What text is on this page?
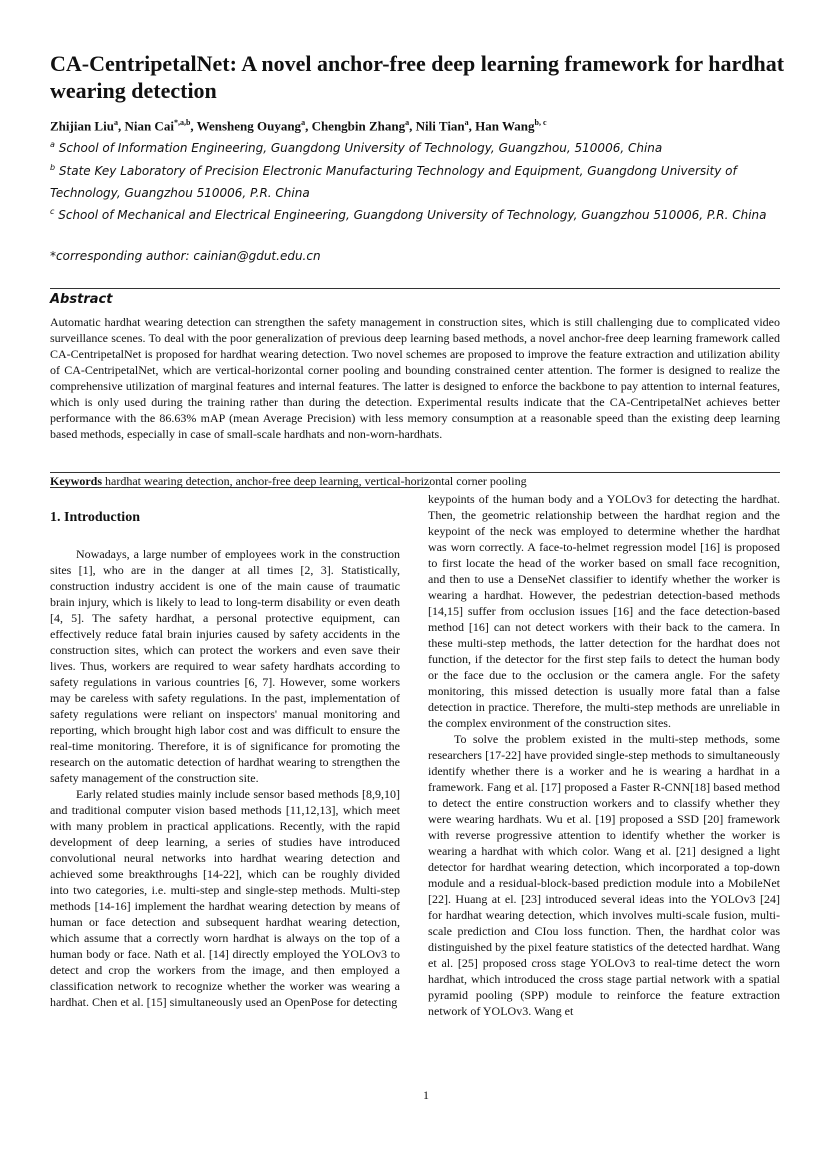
CA-CentripetalNet: A novel anchor-free deep learning framework for hardhat wearing detection

Zhijian Liu$^a$, Nian Cai$^{*,a,b}$, Wensheng Ouyang$^a$, Chengbin Zhang$^a$, Nili Tian$^a$, Han Wang$^{b, c}$

$^a$ School of Information Engineering, Guangdong University of Technology, Guangzhou, 510006, China

$^b$ State Key Laboratory of Precision Electronic Manufacturing Technology and Equipment, Guangdong University of Technology, Guangzhou 510006, P.R. China

$^c$ School of Mechanical and Electrical Engineering, Guangdong University of Technology, Guangzhou 510006, P.R. China

*corresponding author: cainian@gdut.edu.cn

Abstract

Automatic hardhat wearing detection can strengthen the safety management in construction sites, which is still challenging due to complicated video surveillance scenes. To deal with the poor generalization of previous deep learning based methods, a novel anchor-free deep learning framework called CA-CentripetalNet is proposed for hardhat wearing detection. Two novel schemes are proposed to improve the feature extraction and utilization ability of CA-CentripetalNet, which are vertical-horizontal corner pooling and bounding constrained center attention. The former is designed to realize the comprehensive utilization of marginal features and internal features. The latter is designed to enforce the backbone to pay attention to internal features, which is only used during the training rather than during the detection. Experimental results indicate that the CA-CentripetalNet achieves better performance with the 86.63% mAP (mean Average Precision) with less memory consumption at a reasonable speed than the existing deep learning based methods, especially in case of small-scale hardhats and non-worn-hardhats.

Keywords hardhat wearing detection, anchor-free deep learning, vertical-horizontal corner pooling

1. Introduction

Nowadays, a large number of employees work in the construction sites [1], who are in the danger at all times [2, 3]. Statistically, construction industry accident is one of the main cause of traumatic brain injury, which is likely to lead to long-term disability or even death [4, 5]. The safety hardhat, a personal protective equipment, can effectively reduce fatal brain injuries caused by safety accidents in the construction sites, which can protect the workers and even save their lives. Thus, workers are required to wear safety hardhats according to safety regulations in various countries [6, 7]. However, some workers may be careless with safety regulations. In the past, implementation of safety regulations were reliant on inspectors' manual monitoring and reporting, which brought high labor cost and was difficult to ensure the real-time monitoring. Therefore, it is of significance for promoting the research on the automatic detection of hardhat wearing to strengthen the safety management of the construction site.

Early related studies mainly include sensor based methods [8,9,10] and traditional computer vision based methods [11,12,13], which meet with many problem in practical applications. Recently, with the rapid development of deep learning, a series of studies have introduced convolutional neural networks into hardhat wearing detection and achieved some breakthroughs [14-22], which can be roughly divided into two categories, i.e. multi-step and single-step methods. Multi-step methods [14-16] implement the hardhat wearing detection by means of human or face detection and subsequent hardhat wearing detection, which assume that a correctly worn hardhat is always on the top of a human body or face. Nath et al. [14] directly employed the YOLOv3 to detect and crop the workers from the image, and then employed a classification network to recognize whether the worker was wearing a hardhat. Chen et al. [15] simultaneously used an OpenPose for detecting

keypoints of the human body and a YOLOv3 for detecting the hardhat. Then, the geometric relationship between the hardhat region and the keypoint of the neck was employed to determine whether the hardhat was worn correctly. A face-to-helmet regression model [16] is proposed to first locate the head of the worker based on small face recognition, and then to use a DenseNet classifier to identify whether the worker is wearing a hardhat. However, the pedestrian detection-based methods [14,15] suffer from occlusion issues [16] and the face detection-based method [16] can not detect workers with their back to the camera. In these multi-step methods, the latter detection for the hardhat does not function, if the detector for the first step fails to detect the human body or the face due to the occlusion or the camera angle. For the safety monitoring, this missed detection is usually more fatal than a false detection in practice. Therefore, the multi-step methods are unreliable in the complex environment of the construction sites.

To solve the problem existed in the multi-step methods, some researchers [17-22] have provided single-step methods to simultaneously identify whether there is a worker and he is wearing a hardhat in a framework. Fang et al. [17] proposed a Faster R-CNN[18] based method to detect the entire construction workers and to classify whether they were wearing hardhats. Wu et al. [19] proposed a SSD [20] framework with reverse progressive attention to identify whether the worker is wearing a hardhat with which color. Wang et al. [21] designed a light detector for hardhat wearing detection, which incorporated a top-down module and a residual-block-based prediction module into a MobileNet [22]. Huang at el. [23] introduced several ideas into the YOLOv3 [24] for hardhat wearing detection, which involves multi-scale fusion, multi-scale prediction and CIou loss function. Then, the hardhat color was distinguished by the pixel feature statistics of the detected hardhat. Wang et al. [25] proposed cross stage YOLOv3 to real-time detect the worn hardhat, which introduced the cross stage partial network with a spatial pyramid pooling (SPP) module to reinforce the feature extraction network of YOLOv3. Wang et

1
